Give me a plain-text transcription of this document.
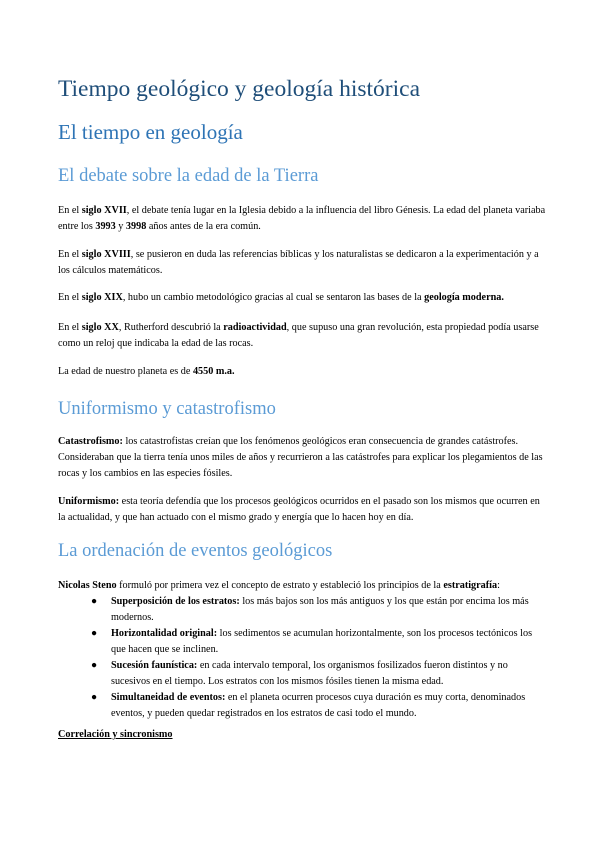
Tiempo geológico y geología histórica
El tiempo en geología
El debate sobre la edad de la Tierra

En el siglo XVII, el debate tenía lugar en la Iglesia debido a la influencia del libro Génesis. La edad del planeta variaba entre los 3993 y 3998 años antes de la era común.

En el siglo XVIII, se pusieron en duda las referencias bíblicas y los naturalistas se dedicaron a la experimentación y a los cálculos matemáticos.

En el siglo XIX, hubo un cambio metodológico gracias al cual se sentaron las bases de la geología moderna.

En el siglo XX, Rutherford descubrió la radioactividad, que supuso una gran revolución, esta propiedad podía usarse como un reloj que indicaba la edad de las rocas.

La edad de nuestro planeta es de 4550 m.a.

Uniformismo y catastrofismo

Catastrofismo: los catastrofistas creían que los fenómenos geológicos eran consecuencia de grandes catástrofes. Consideraban que la tierra tenía unos miles de años y recurrieron a las catástrofes para explicar los plegamientos de las rocas y los cambios en las especies fósiles.

Uniformismo: esta teoría defendía que los procesos geológicos ocurridos en el pasado son los mismos que ocurren en la actualidad, y que han actuado con el mismo grado y energía que lo hacen hoy en día.

La ordenación de eventos geológicos

Nicolas Steno formuló por primera vez el concepto de estrato y estableció los principios de la estratigrafía:

● Superposición de los estratos: los más bajos son los más antiguos y los que están por encima los más modernos.
● Horizontalidad original: los sedimentos se acumulan horizontalmente, son los procesos tectónicos los que hacen que se inclinen.
● Sucesión faunística: en cada intervalo temporal, los organismos fosilizados fueron distintos y no sucesivos en el tiempo. Los estratos con los mismos fósiles tienen la misma edad.
● Simultaneidad de eventos: en el planeta ocurren procesos cuya duración es muy corta, denominados eventos, y pueden quedar registrados en los estratos de casi todo el mundo.
Correlación y sincronismo
